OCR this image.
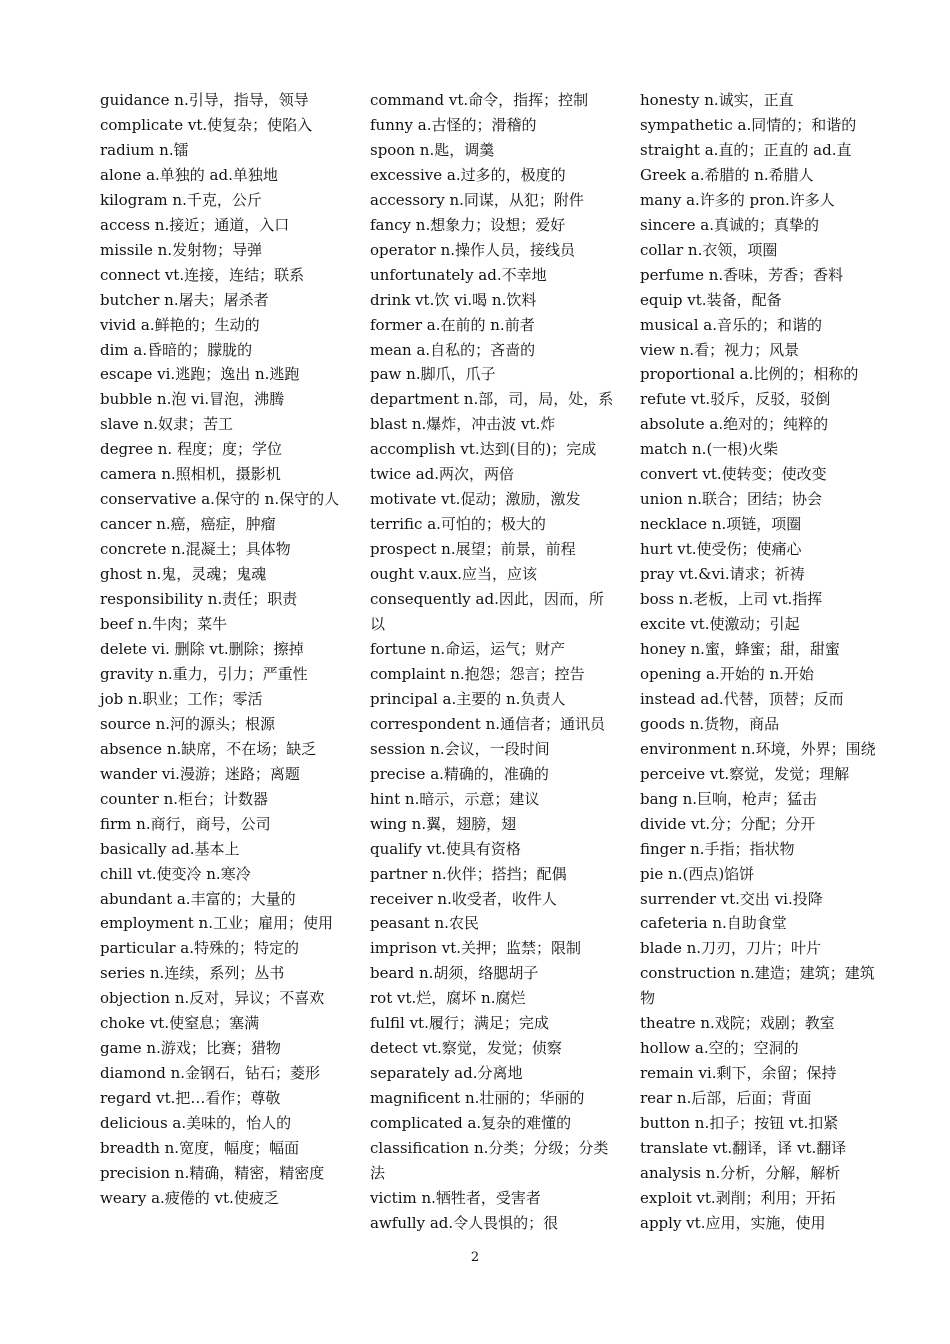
guidance n.引导，指导，领导

complicate vt.使复杂；使陷入

radium n.镭

alone a.单独的 ad.单独地

kilogram n.千克，公斤

access n.接近；通道，入口

missile n.发射物；导弹

connect vt.连接，连结；联系

butcher n.屠夫；屠杀者

vivid a.鲜艳的；生动的

dim a.昏暗的；朦胧的

escape vi.逃跑；逸出 n.逃跑

bubble n.泡 vi.冒泡，沸腾

slave n.奴隶；苦工

degree n. 程度；度；学位

camera n.照相机，摄影机

conservative a.保守的 n.保守的人

cancer n.癌，癌症，肿瘤

concrete n.混凝土；具体物

ghost n.鬼，灵魂；鬼魂

responsibility n.责任；职责

beef n.牛肉；菜牛

delete vi. 删除 vt.删除；擦掉

gravity n.重力，引力；严重性

job n.职业；工作；零活

source n.河的源头；根源

absence n.缺席，不在场；缺乏

wander vi.漫游；迷路；离题

counter n.柜台；计数器

firm n.商行，商号，公司

basically ad.基本上

chill vt.使变冷 n.寒冷

abundant a.丰富的；大量的

employment n.工业；雇用；使用

particular a.特殊的；特定的

series n.连续，系列；丛书

objection n.反对，异议；不喜欢

choke vt.使窒息；塞满

game n.游戏；比赛；猎物

diamond n.金钢石，钻石；菱形

regard vt.把…看作；尊敬

delicious a.美味的，怡人的

breadth n.宽度，幅度；幅面

precision n.精确，精密，精密度

weary a.疲倦的 vt.使疲乏

command vt.命令，指挥；控制

funny a.古怪的；滑稽的

spoon n.匙，调羹

excessive a.过多的，极度的

accessory n.同谋，从犯；附件

fancy n.想象力；设想；爱好

operator n.操作人员，接线员

unfortunately ad.不幸地

drink vt.饮 vi.喝 n.饮料

former a.在前的 n.前者

mean a.自私的；吝啬的

paw n.脚爪，爪子

department n.部，司，局，处，系

blast n.爆炸，冲击波 vt.炸

accomplish vt.达到(目的)；完成

twice ad.两次，两倍

motivate vt.促动；激励，激发

terrific a.可怕的；极大的

prospect n.展望；前景，前程

ought v.aux.应当，应该

consequently ad.因此，因而，所以

fortune n.命运，运气；财产

complaint n.抱怨；怨言；控告

principal a.主要的 n.负责人

correspondent n.通信者；通讯员

session n.会议，一段时间

precise a.精确的，准确的

hint n.暗示，示意；建议

wing n.翼，翅膀，翅

qualify vt.使具有资格

partner n.伙伴；搭挡；配偶

receiver n.收受者，收件人

peasant n.农民

imprison vt.关押；监禁；限制

beard n.胡须，络腮胡子

rot vt.烂，腐坏 n.腐烂

fulfil vt.履行；满足；完成

detect vt.察觉，发觉；侦察

separately ad.分离地

magnificent n.壮丽的；华丽的

complicated a.复杂的难懂的

classification n.分类；分级；分类法

victim n.牺牲者，受害者

awfully ad.令人畏惧的；很

honesty n.诚实，正直

sympathetic a.同情的；和谐的

straight a.直的；正直的 ad.直

Greek a.希腊的 n.希腊人

many a.许多的 pron.许多人

sincere a.真诚的；真挚的

collar n.衣领，项圈

perfume n.香味，芳香；香料

equip vt.装备，配备

musical a.音乐的；和谐的

view n.看；视力；风景

proportional a.比例的；相称的

refute vt.驳斥，反驳，驳倒

absolute a.绝对的；纯粹的

match n.(一根)火柴

convert vt.使转变；使改变

union n.联合；团结；协会

necklace n.项链，项圈

hurt vt.使受伤；使痛心

pray vt.&vi.请求；祈祷

boss n.老板，上司 vt.指挥

excite vt.使激动；引起

honey n.蜜，蜂蜜；甜，甜蜜

opening a.开始的 n.开始

instead ad.代替，顶替；反而

goods n.货物，商品

environment n.环境，外界；围绕

perceive vt.察觉，发觉；理解

bang n.巨响，枪声；猛击

divide vt.分；分配；分开

finger n.手指；指状物

pie n.(西点)馅饼

surrender vt.交出 vi.投降

cafeteria n.自助食堂

blade n.刀刃，刀片；叶片

construction n.建造；建筑；建筑物

theatre n.戏院；戏剧；教室

hollow a.空的；空洞的

remain vi.剩下，余留；保持

rear n.后部，后面；背面

button n.扣子；按钮 vt.扣紧

translate vt.翻译，译 vt.翻译

analysis n.分析，分解，解析

exploit vt.剥削；利用；开拓

apply vt.应用，实施，使用

2
